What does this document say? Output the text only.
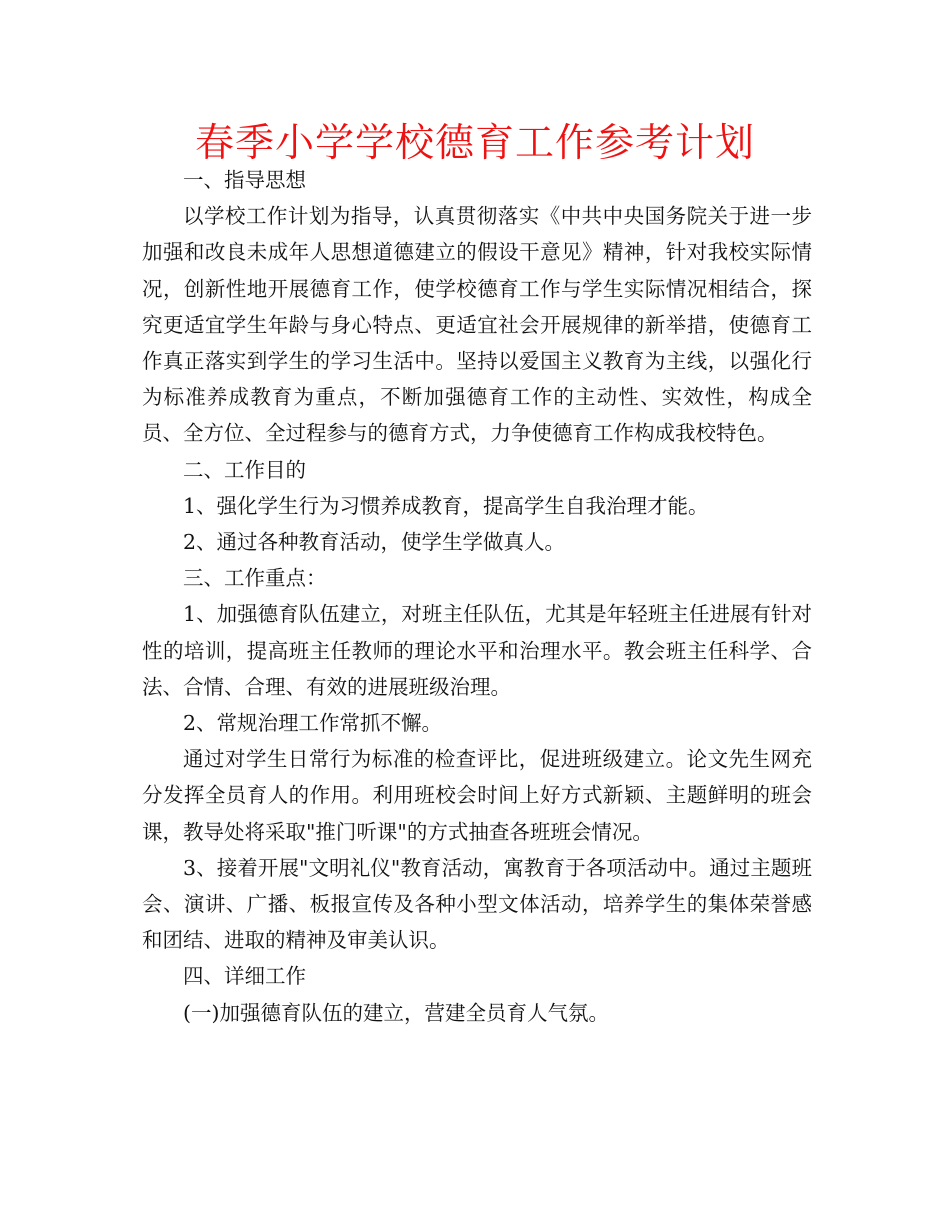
春季小学学校德育工作参考计划

一、指导思想

以学校工作计划为指导，认真贯彻落实《中共中央国务院关于进一步加强和改良未成年人思想道德建立的假设干意见》精神，针对我校实际情况，创新性地开展德育工作，使学校德育工作与学生实际情况相结合，探究更适宜学生年龄与身心特点、更适宜社会开展规律的新举措，使德育工作真正落实到学生的学习生活中。坚持以爱国主义教育为主线，以强化行为标准养成教育为重点，不断加强德育工作的主动性、实效性，构成全员、全方位、全过程参与的德育方式，力争使德育工作构成我校特色。

二、工作目的

1、强化学生行为习惯养成教育，提高学生自我治理才能。

2、通过各种教育活动，使学生学做真人。

三、工作重点：

1、加强德育队伍建立，对班主任队伍，尤其是年轻班主任进展有针对性的培训，提高班主任教师的理论水平和治理水平。教会班主任科学、合法、合情、合理、有效的进展班级治理。

2、常规治理工作常抓不懈。

通过对学生日常行为标准的检查评比，促进班级建立。论文先生网充分发挥全员育人的作用。利用班校会时间上好方式新颖、主题鲜明的班会课，教导处将采取"推门听课"的方式抽查各班班会情况。

3、接着开展"文明礼仪"教育活动，寓教育于各项活动中。通过主题班会、演讲、广播、板报宣传及各种小型文体活动，培养学生的集体荣誉感和团结、进取的精神及审美认识。

四、详细工作

(一)加强德育队伍的建立，营建全员育人气氛。
